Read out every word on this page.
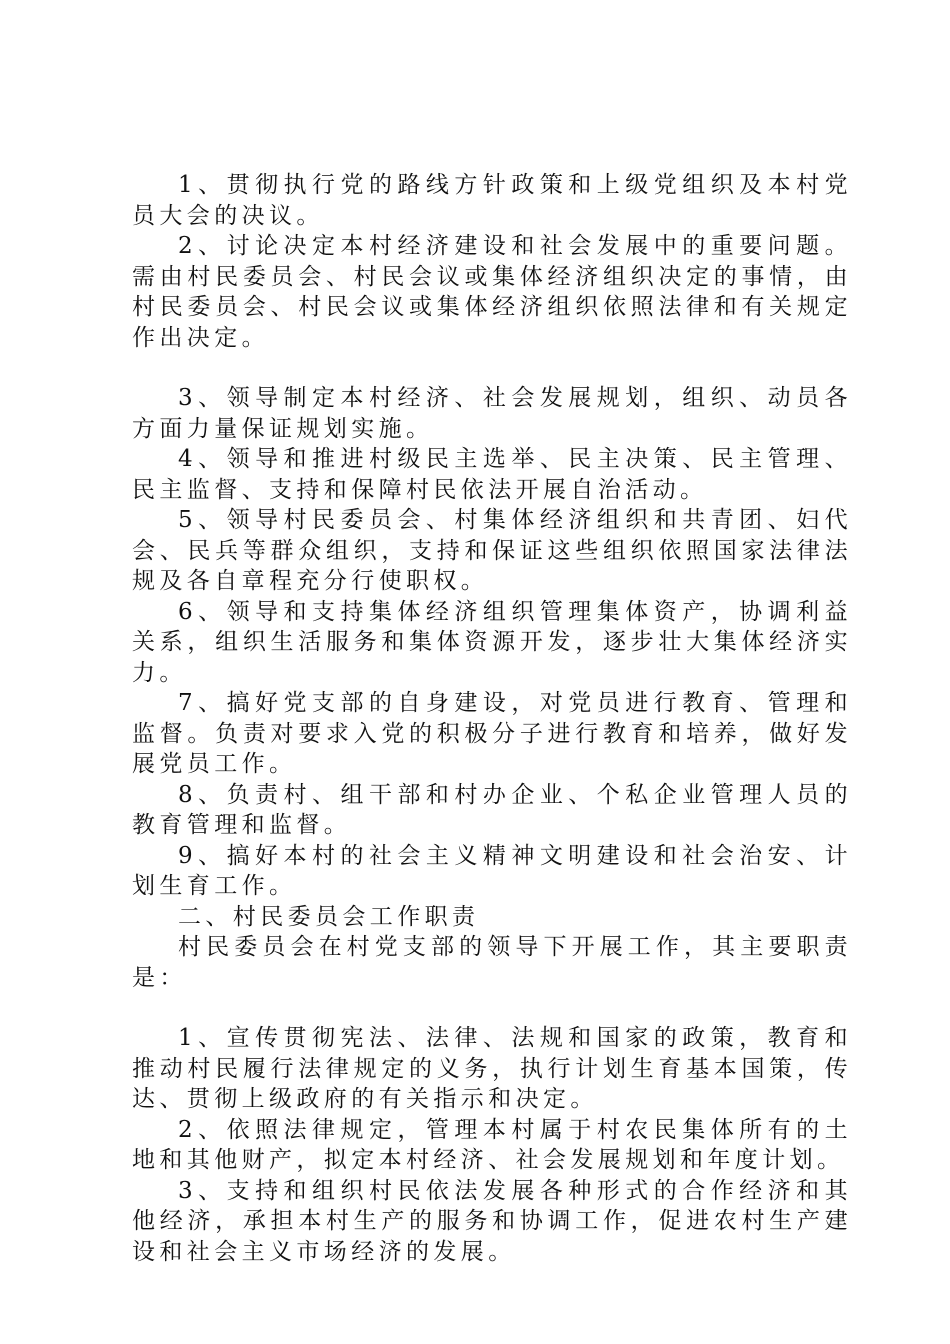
1、贯彻执行党的路线方针政策和上级党组织及本村党员大会的决议。

2、讨论决定本村经济建设和社会发展中的重要问题。需由村民委员会、村民会议或集体经济组织决定的事情，由村民委员会、村民会议或集体经济组织依照法律和有关规定作出决定。

3、领导制定本村经济、社会发展规划，组织、动员各方面力量保证规划实施。

4、领导和推进村级民主选举、民主决策、民主管理、民主监督、支持和保障村民依法开展自治活动。

5、领导村民委员会、村集体经济组织和共青团、妇代会、民兵等群众组织，支持和保证这些组织依照国家法律法规及各自章程充分行使职权。

6、领导和支持集体经济组织管理集体资产，协调利益关系，组织生活服务和集体资源开发，逐步壮大集体经济实力。

7、搞好党支部的自身建设，对党员进行教育、管理和监督。负责对要求入党的积极分子进行教育和培养，做好发展党员工作。

8、负责村、组干部和村办企业、个私企业管理人员的教育管理和监督。

9、搞好本村的社会主义精神文明建设和社会治安、计划生育工作。

二、村民委员会工作职责

村民委员会在村党支部的领导下开展工作，其主要职责是：

1、宣传贯彻宪法、法律、法规和国家的政策，教育和推动村民履行法律规定的义务，执行计划生育基本国策，传达、贯彻上级政府的有关指示和决定。

2、依照法律规定，管理本村属于村农民集体所有的土地和其他财产，拟定本村经济、社会发展规划和年度计划。

3、支持和组织村民依法发展各种形式的合作经济和其他经济，承担本村生产的服务和协调工作，促进农村生产建设和社会主义市场经济的发展。
